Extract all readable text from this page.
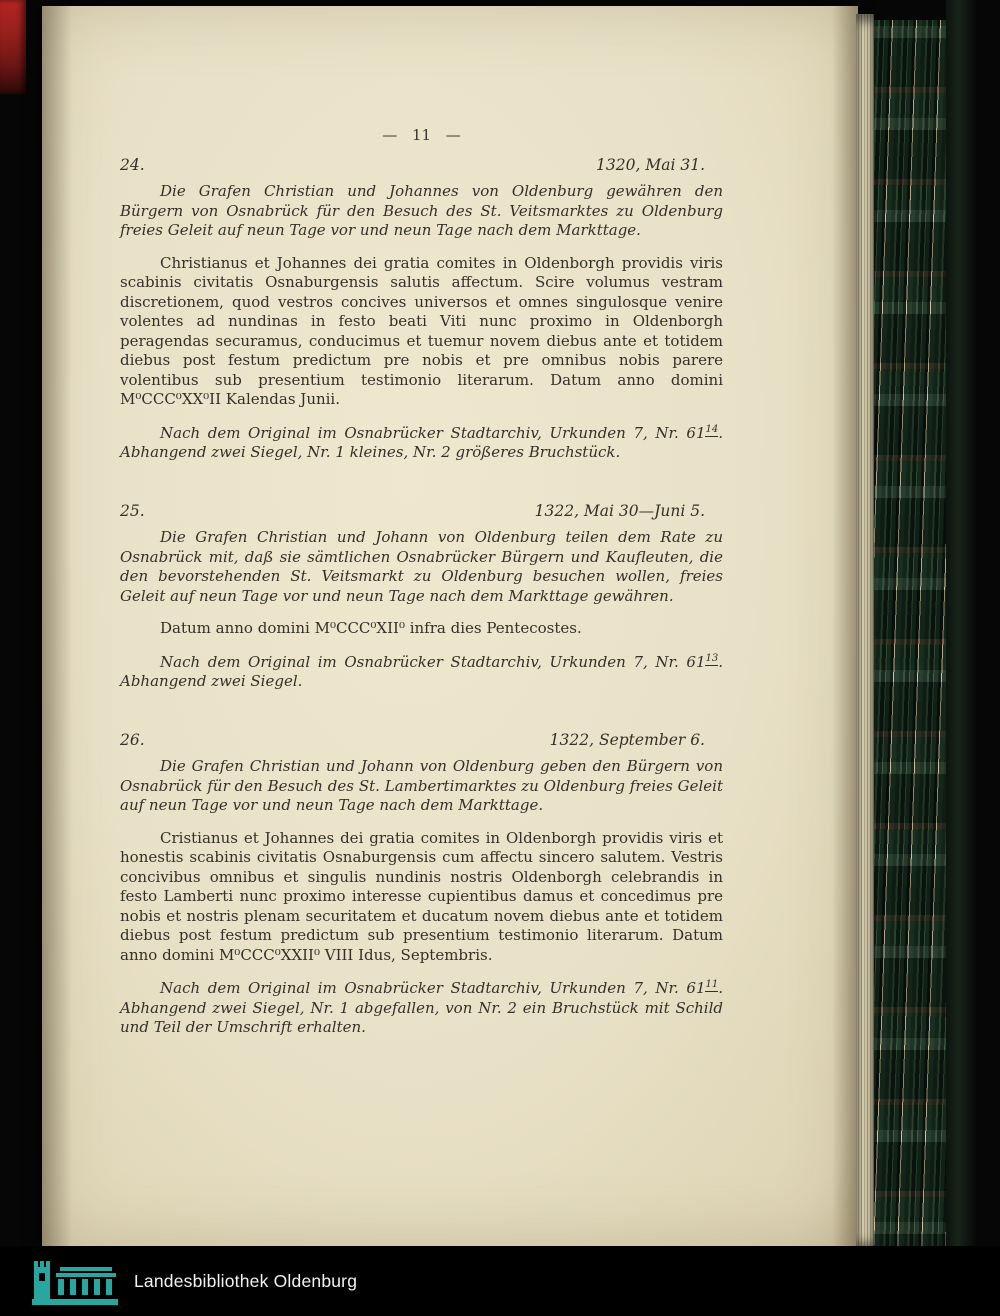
— 11 —
24.	1320, Mai 31.

Die Grafen Christian und Johannes von Oldenburg gewähren den Bürgern von Osnabrück für den Besuch des St. Veitsmarktes zu Oldenburg freies Geleit auf neun Tage vor und neun Tage nach dem Markttage.

Christianus et Johannes dei gratia comites in Oldenborgh providis viris scabinis civitatis Osnaburgensis salutis affectum. Scire volumus vestram discretionem, quod vestros concives universos et omnes singulosque venire volentes ad nundinas in festo beati Viti nunc proximo in Oldenborgh peragendas securamus, conducimus et tuemur novem diebus ante et totidem diebus post festum predictum pre nobis et pre omnibus nobis parere volentibus sub presentium testimonio literarum. Datum anno domini M⁰CCC⁰XX⁰II Kalendas Junii.

Nach dem Original im Osnabrücker Stadtarchiv, Urkunden 7, Nr. 61$^{14}$. Abhangend zwei Siegel, Nr. 1 kleines, Nr. 2 größeres Bruchstück.

25.	1322, Mai 30—Juni 5.

Die Grafen Christian und Johann von Oldenburg teilen dem Rate zu Osnabrück mit, daß sie sämtlichen Osnabrücker Bürgern und Kaufleuten, die den bevorstehenden St. Veitsmarkt zu Oldenburg besuchen wollen, freies Geleit auf neun Tage vor und neun Tage nach dem Markttage gewähren.

Datum anno domini M⁰CCC⁰XII⁰ infra dies Pentecostes.

Nach dem Original im Osnabrücker Stadtarchiv, Urkunden 7, Nr. 61$^{13}$. Abhangend zwei Siegel.

26.	1322, September 6.

Die Grafen Christian und Johann von Oldenburg geben den Bürgern von Osnabrück für den Besuch des St. Lambertimarktes zu Oldenburg freies Geleit auf neun Tage vor und neun Tage nach dem Markttage.

Cristianus et Johannes dei gratia comites in Oldenborgh providis viris et honestis scabinis civitatis Osnaburgensis cum affectu sincero salutem. Vestris concivibus omnibus et singulis nundinis nostris Oldenborgh celebrandis in festo Lamberti nunc proximo interesse cupientibus damus et concedimus pre nobis et nostris plenam securitatem et ducatum novem diebus ante et totidem diebus post festum predictum sub presentium testimonio literarum. Datum anno domini M⁰CCC⁰XXII⁰ VIII Idus, Septembris.

Nach dem Original im Osnabrücker Stadtarchiv, Urkunden 7, Nr. 61$^{11}$. Abhangend zwei Siegel, Nr. 1 abgefallen, von Nr. 2 ein Bruchstück mit Schild und Teil der Umschrift erhalten.

Landesbibliothek Oldenburg
